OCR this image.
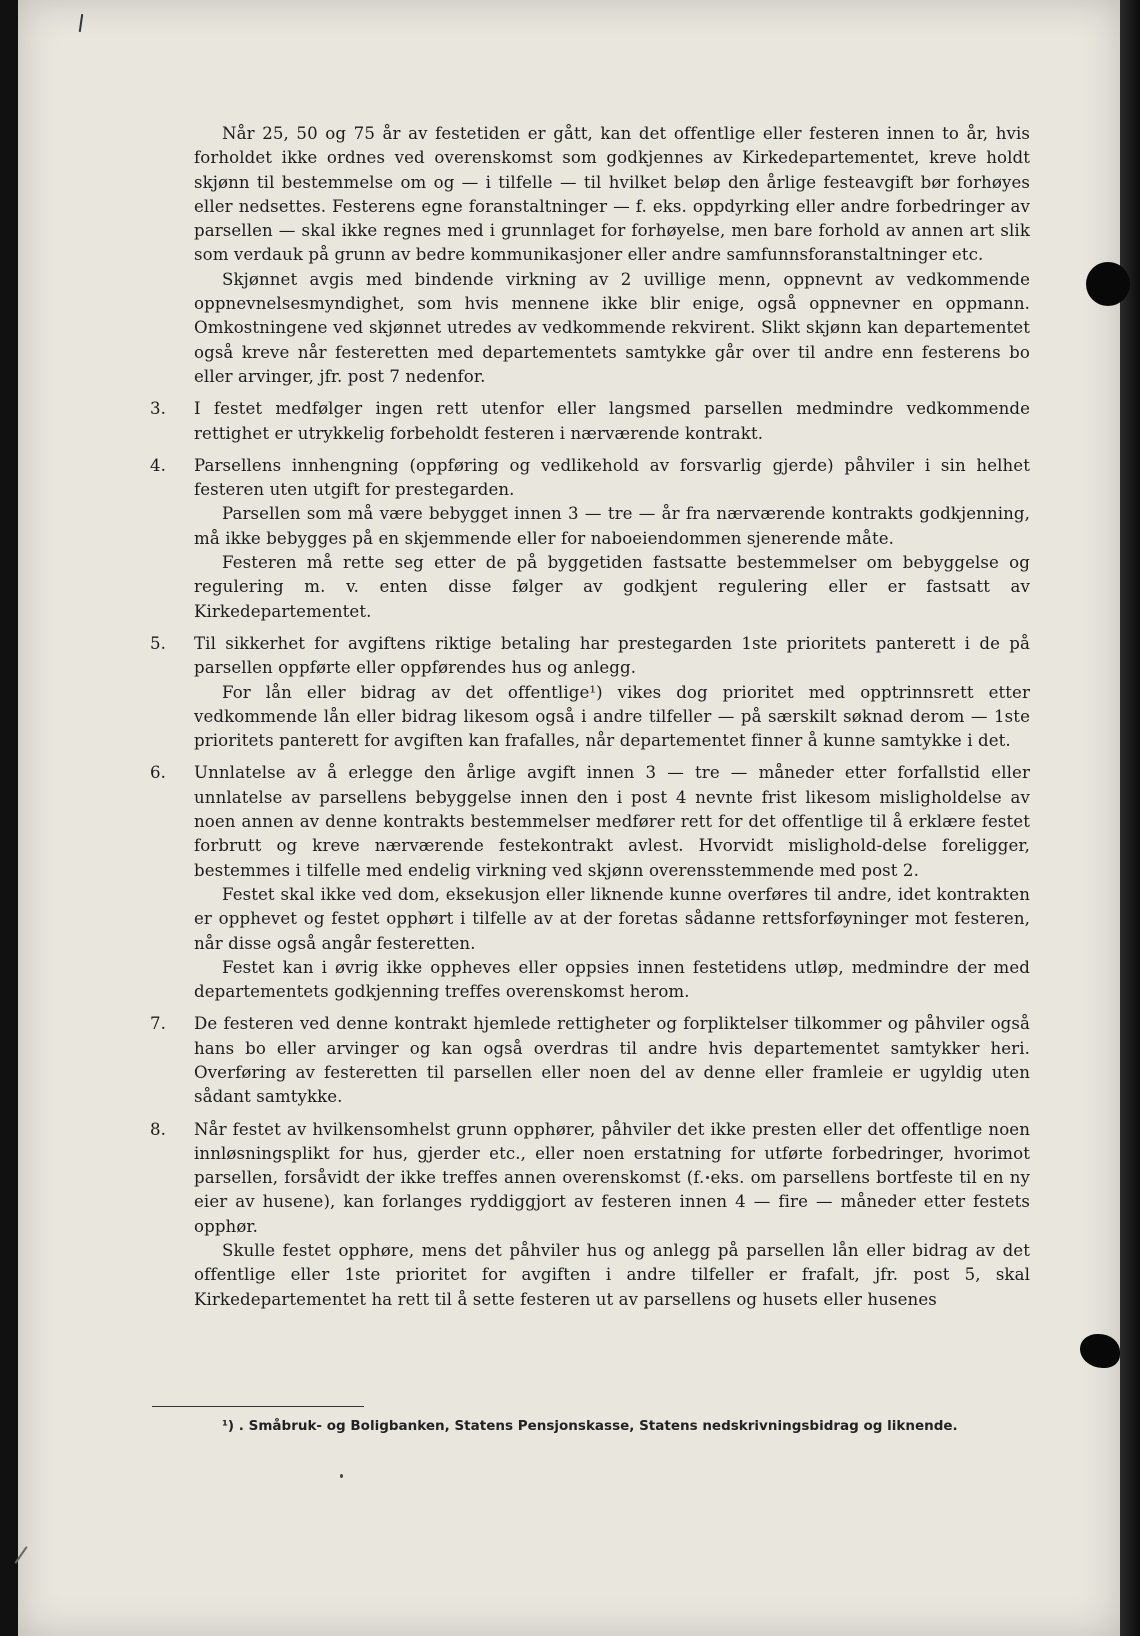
Når 25, 50 og 75 år av festetiden er gått, kan det offentlige eller festeren innen to år, hvis forholdet ikke ordnes ved overenskomst som godkjennes av Kirkedepartementet, kreve holdt skjønn til bestemmelse om og — i tilfelle — til hvilket beløp den årlige festeavgift bør forhøyes eller nedsettes. Festerens egne foranstaltninger — f. eks. oppdyrking eller andre forbedringer av parsellen — skal ikke regnes med i grunnlaget for forhøyelse, men bare forhold av annen art slik som verdauk på grunn av bedre kommunikasjoner eller andre samfunnsforanstaltninger etc.

Skjønnet avgis med bindende virkning av 2 uvillige menn, oppnevnt av vedkommende oppnevnelsesmyndighet, som hvis mennene ikke blir enige, også oppnevner en oppmann. Omkostningene ved skjønnet utredes av vedkommende rekvirent. Slikt skjønn kan departementet også kreve når festeretten med departementets samtykke går over til andre enn festerens bo eller arvinger, jfr. post 7 nedenfor.

3.	I festet medfølger ingen rett utenfor eller langsmed parsellen medmindre vedkommende rettighet er utrykkelig forbeholdt festeren i nærværende kontrakt.

4.	Parsellens innhengning (oppføring og vedlikehold av forsvarlig gjerde) påhviler i sin helhet festeren uten utgift for prestegarden.

Parsellen som må være bebygget innen 3 — tre — år fra nærværende kontrakts godkjenning, må ikke bebygges på en skjemmende eller for naboeiendommen sjenerende måte.

Festeren må rette seg etter de på byggetiden fastsatte bestemmelser om bebyggelse og regulering m. v. enten disse følger av godkjent regulering eller er fastsatt av Kirkedepartementet.

5.	Til sikkerhet for avgiftens riktige betaling har prestegarden 1ste prioritets panterett i de på parsellen oppførte eller oppførendes hus og anlegg.

For lån eller bidrag av det offentlige¹) vikes dog prioritet med opptrinnsrett etter vedkommende lån eller bidrag likesom også i andre tilfeller — på særskilt søknad derom — 1ste prioritets panterett for avgiften kan frafalles, når departementet finner å kunne samtykke i det.

6.	Unnlatelse av å erlegge den årlige avgift innen 3 — tre — måneder etter forfallstid eller unnlatelse av parsellens bebyggelse innen den i post 4 nevnte frist likesom misligholdelse av noen annen av denne kontrakts bestemmelser medfører rett for det offentlige til å erklære festet forbrutt og kreve nærværende festekontrakt avlest. Hvorvidt mislighold-delse foreligger, bestemmes i tilfelle med endelig virkning ved skjønn overensstemmende med post 2.

Festet skal ikke ved dom, eksekusjon eller liknende kunne overføres til andre, idet kontrakten er opphevet og festet opphørt i tilfelle av at der foretas sådanne rettsforføyninger mot festeren, når disse også angår festeretten.

Festet kan i øvrig ikke oppheves eller oppsies innen festetidens utløp, medmindre der med departementets godkjenning treffes overenskomst herom.

7.	De festeren ved denne kontrakt hjemlede rettigheter og forpliktelser tilkommer og påhviler også hans bo eller arvinger og kan også overdras til andre hvis departementet samtykker heri. Overføring av festeretten til parsellen eller noen del av denne eller framleie er ugyldig uten sådant samtykke.

8.	Når festet av hvilkensomhelst grunn opphører, påhviler det ikke presten eller det offentlige noen innløsningsplikt for hus, gjerder etc., eller noen erstatning for utførte forbedringer, hvorimot parsellen, forsåvidt der ikke treffes annen overenskomst (f. eks. om parsellens bortfeste til en ny eier av husene), kan forlanges ryddiggjort av festeren innen 4 — fire — måneder etter festets opphør.

Skulle festet opphøre, mens det påhviler hus og anlegg på parsellen lån eller bidrag av det offentlige eller 1ste prioritet for avgiften i andre tilfeller er frafalt, jfr. post 5, skal Kirkedepartementet ha rett til å sette festeren ut av parsellens og husets eller husenes

¹) . Småbruk- og Boligbanken, Statens Pensjonskasse, Statens nedskrivningsbidrag og liknende.
